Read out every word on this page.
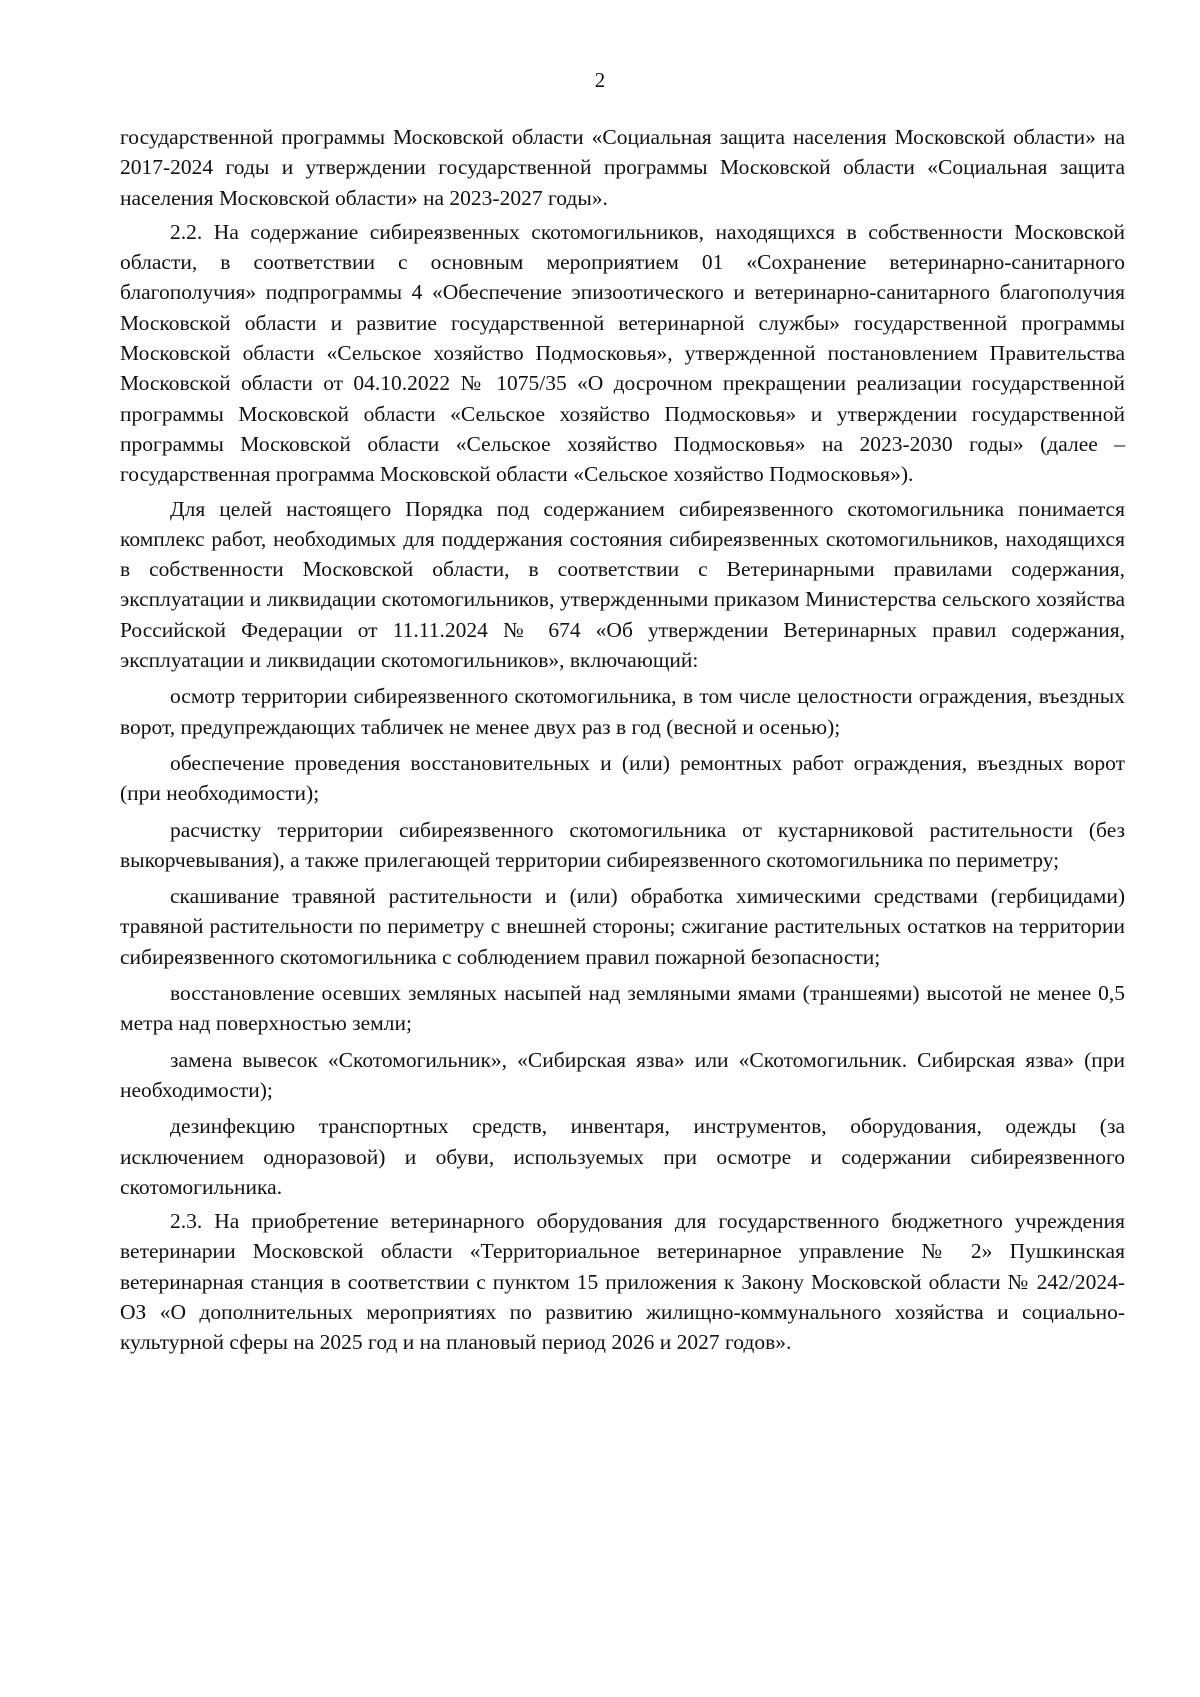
2

государственной программы Московской области «Социальная защита населения Московской области» на 2017-2024 годы и утверждении государственной программы Московской области «Социальная защита населения Московской области» на 2023-2027 годы».

2.2. На содержание сибиреязвенных скотомогильников, находящихся в собственности Московской области, в соответствии с основным мероприятием 01 «Сохранение ветеринарно-санитарного благополучия» подпрограммы 4 «Обеспечение эпизоотического и ветеринарно-санитарного благополучия Московской области и развитие государственной ветеринарной службы» государственной программы Московской области «Сельское хозяйство Подмосковья», утвержденной постановлением Правительства Московской области от 04.10.2022 № 1075/35 «О досрочном прекращении реализации государственной программы Московской области «Сельское хозяйство Подмосковья» и утверждении государственной программы Московской области «Сельское хозяйство Подмосковья» на 2023-2030 годы» (далее – государственная программа Московской области «Сельское хозяйство Подмосковья»).

Для целей настоящего Порядка под содержанием сибиреязвенного скотомогильника понимается комплекс работ, необходимых для поддержания состояния сибиреязвенных скотомогильников, находящихся в собственности Московской области, в соответствии с Ветеринарными правилами содержания, эксплуатации и ликвидации скотомогильников, утвержденными приказом Министерства сельского хозяйства Российской Федерации от 11.11.2024 № 674 «Об утверждении Ветеринарных правил содержания, эксплуатации и ликвидации скотомогильников», включающий:

осмотр территории сибиреязвенного скотомогильника, в том числе целостности ограждения, въездных ворот, предупреждающих табличек не менее двух раз в год (весной и осенью);

обеспечение проведения восстановительных и (или) ремонтных работ ограждения, въездных ворот (при необходимости);

расчистку территории сибиреязвенного скотомогильника от кустарниковой растительности (без выкорчевывания), а также прилегающей территории сибиреязвенного скотомогильника по периметру;

скашивание травяной растительности и (или) обработка химическими средствами (гербицидами) травяной растительности по периметру с внешней стороны; сжигание растительных остатков на территории сибиреязвенного скотомогильника с соблюдением правил пожарной безопасности;

восстановление осевших земляных насыпей над земляными ямами (траншеями) высотой не менее 0,5 метра над поверхностью земли;

замена вывесок «Скотомогильник», «Сибирская язва» или «Скотомогильник. Сибирская язва» (при необходимости);

дезинфекцию транспортных средств, инвентаря, инструментов, оборудования, одежды (за исключением одноразовой) и обуви, используемых при осмотре и содержании сибиреязвенного скотомогильника.

2.3. На приобретение ветеринарного оборудования для государственного бюджетного учреждения ветеринарии Московской области «Территориальное ветеринарное управление № 2» Пушкинская ветеринарная станция в соответствии с пунктом 15 приложения к Закону Московской области № 242/2024-ОЗ «О дополнительных мероприятиях по развитию жилищно-коммунального хозяйства и социально-культурной сферы на 2025 год и на плановый период 2026 и 2027 годов».
